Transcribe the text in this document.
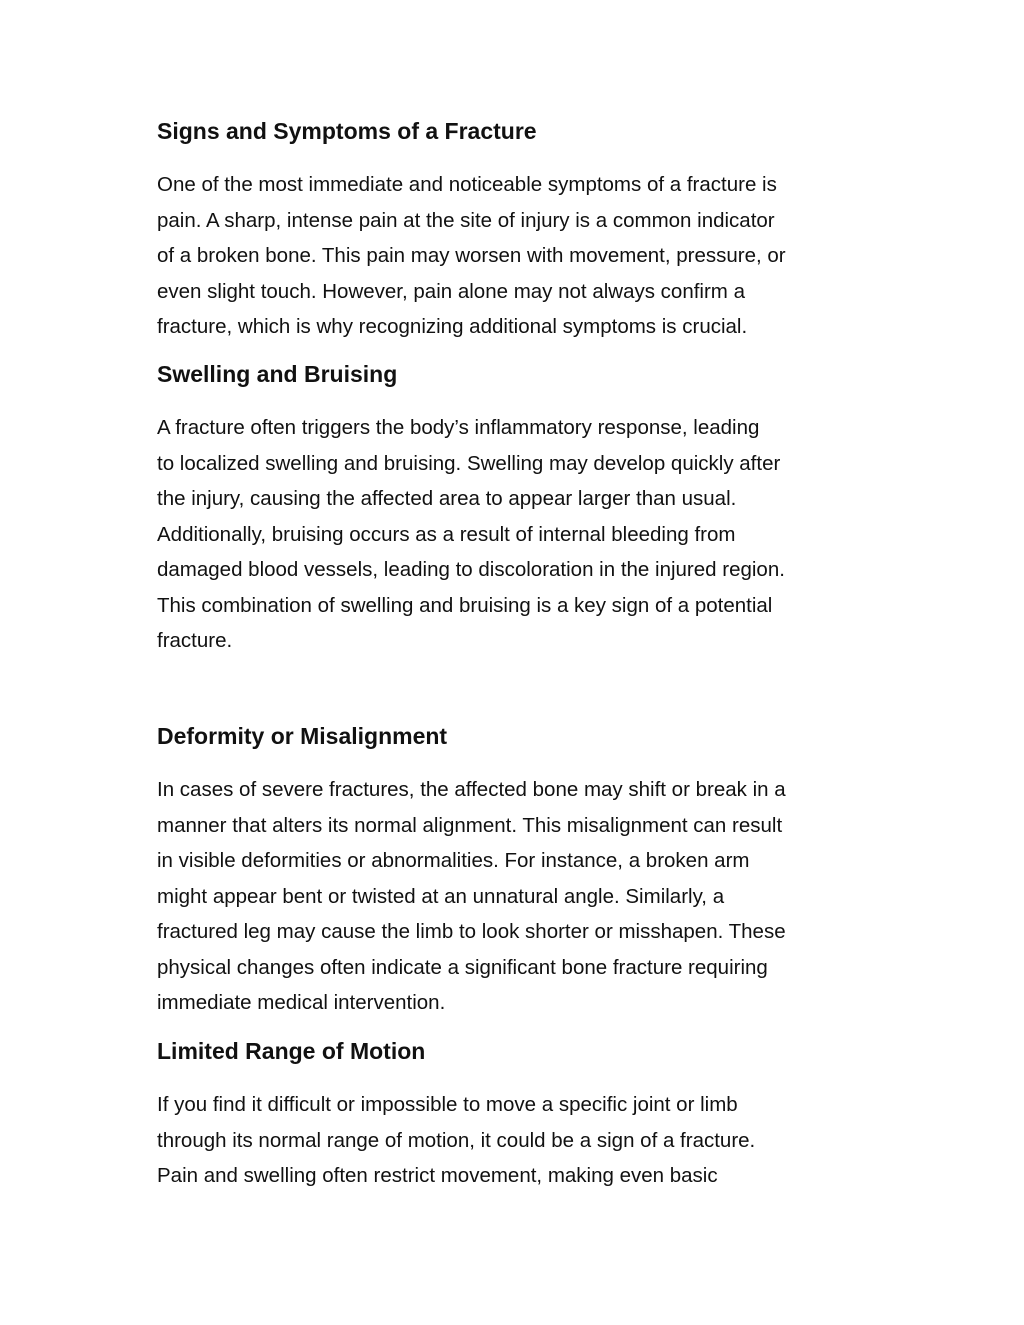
Signs and Symptoms of a Fracture

One of the most immediate and noticeable symptoms of a fracture is
pain. A sharp, intense pain at the site of injury is a common indicator
of a broken bone. This pain may worsen with movement, pressure, or
even slight touch. However, pain alone may not always confirm a
fracture, which is why recognizing additional symptoms is crucial.

Swelling and Bruising

A fracture often triggers the body’s inflammatory response, leading
to localized swelling and bruising. Swelling may develop quickly after
the injury, causing the affected area to appear larger than usual.
Additionally, bruising occurs as a result of internal bleeding from
damaged blood vessels, leading to discoloration in the injured region.
This combination of swelling and bruising is a key sign of a potential
fracture.

Deformity or Misalignment

In cases of severe fractures, the affected bone may shift or break in a
manner that alters its normal alignment. This misalignment can result
in visible deformities or abnormalities. For instance, a broken arm
might appear bent or twisted at an unnatural angle. Similarly, a
fractured leg may cause the limb to look shorter or misshapen. These
physical changes often indicate a significant bone fracture requiring
immediate medical intervention.

Limited Range of Motion

If you find it difficult or impossible to move a specific joint or limb
through its normal range of motion, it could be a sign of a fracture.
Pain and swelling often restrict movement, making even basic
